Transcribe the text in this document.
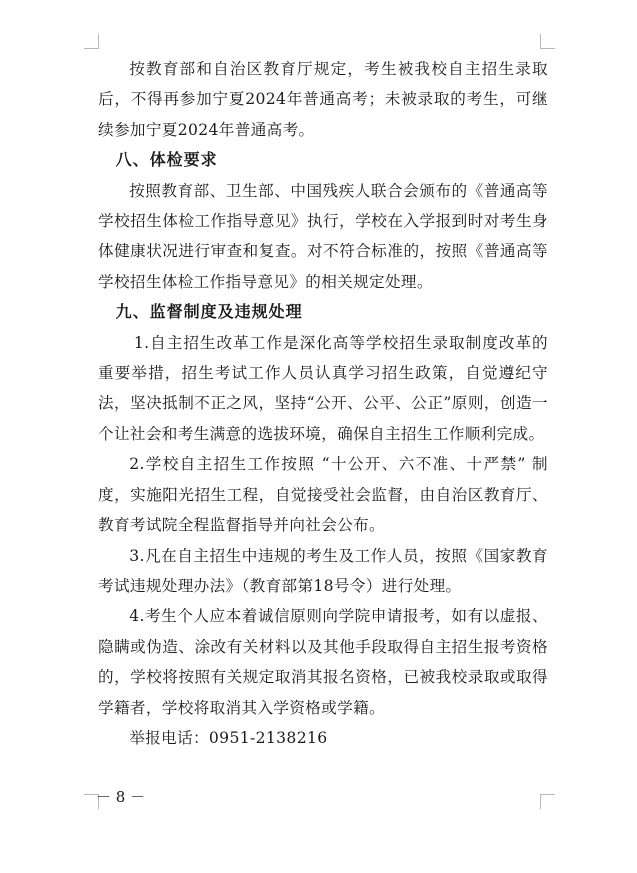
按教育部和自治区教育厅规定，考生被我校自主招生录取后，不得再参加宁夏2024年普通高考；未被录取的考生，可继续参加宁夏2024年普通高考。

八、体检要求

按照教育部、卫生部、中国残疾人联合会颁布的《普通高等学校招生体检工作指导意见》执行，学校在入学报到时对考生身体健康状况进行审查和复查。对不符合标准的，按照《普通高等学校招生体检工作指导意见》的相关规定处理。

九、监督制度及违规处理

1.自主招生改革工作是深化高等学校招生录取制度改革的重要举措，招生考试工作人员认真学习招生政策，自觉遵纪守法，坚决抵制不正之风，坚持“公开、公平、公正”原则，创造一个让社会和考生满意的选拔环境，确保自主招生工作顺利完成。

2.学校自主招生工作按照 “十公开、六不准、十严禁” 制度，实施阳光招生工程，自觉接受社会监督，由自治区教育厅、教育考试院全程监督指导并向社会公布。

3.凡在自主招生中违规的考生及工作人员，按照《国家教育考试违规处理办法》（教育部第18号令）进行处理。

4.考生个人应本着诚信原则向学院申请报考，如有以虚报、隐瞒或伪造、涂改有关材料以及其他手段取得自主招生报考资格的，学校将按照有关规定取消其报名资格，已被我校录取或取得学籍者，学校将取消其入学资格或学籍。

举报电话：0951-2138216

－ 8 －
